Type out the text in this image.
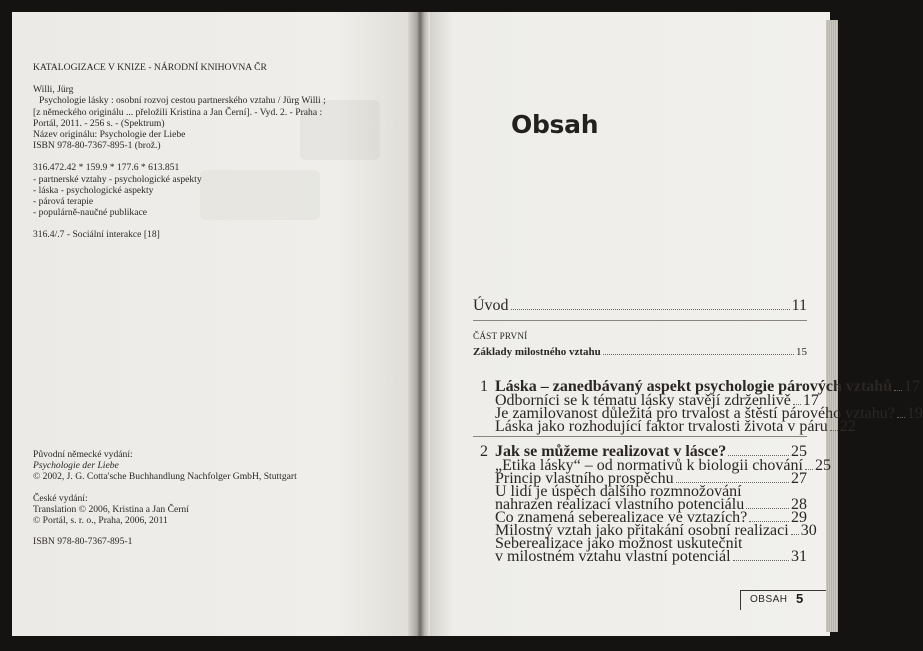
KATALOGIZACE V KNIZE - NÁRODNÍ KNIHOVNA ČR
Willi, Jürg
Psychologie lásky : osobní rozvoj cestou partnerského vztahu / Jürg Willi ;
[z německého originálu ... přeložili Kristina a Jan Černí]. - Vyd. 2. - Praha :
Portál, 2011. - 256 s. - (Spektrum)
Název originálu: Psychologie der Liebe
ISBN 978-80-7367-895-1 (brož.)
316.472.42 * 159.9 * 177.6 * 613.851
- partnerské vztahy - psychologické aspekty
- láska - psychologické aspekty
- párová terapie
- populárně-naučné publikace
316.4/.7 - Sociální interakce [18]
Původní německé vydání:
Psychologie der Liebe
© 2002, J. G. Cotta'sche Buchhandlung Nachfolger GmbH, Stuttgart
České vydání:
Translation © 2006, Kristina a Jan Černí
© Portál, s. r. o., Praha, 2006, 2011
ISBN 978-80-7367-895-1
Obsah
Úvod	11
ČÁST PRVNÍ
Základy milostného vztahu	15
1 Láska – zanedbávaný aspekt psychologie párových vztahů 17
Odborníci se k tématu lásky stavějí zdrženlivě 17
Je zamilovanost důležitá pro trvalost a štěstí párového vztahu? 19
Láska jako rozhodující faktor trvalosti života v páru 22
2 Jak se můžeme realizovat v lásce?	25
„Etika lásky“ – od normativů k biologii chování 25
Princip vlastního prospěchu	27
U lidí je úspěch dalšího rozmnožování
nahrazen realizací vlastního potenciálu	28
Co znamená seberealizace ve vztazích?	29
Milostný vztah jako přitakání osobní realizaci 30
Seberealizace jako možnost uskutečnit
v milostném vztahu vlastní potenciál	31
OBSAH 5
